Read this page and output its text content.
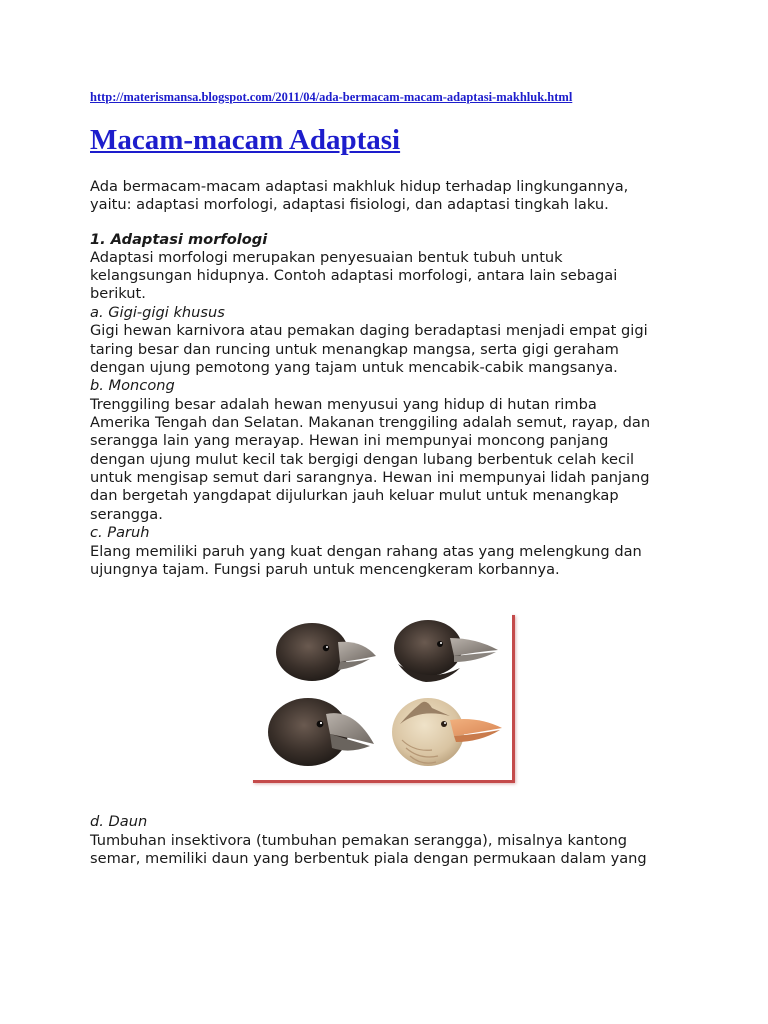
http://materismansa.blogspot.com/2011/04/ada-bermacam-macam-adaptasi-makhluk.html
Macam-macam Adaptasi

Ada bermacam-macam adaptasi makhluk hidup terhadap lingkungannya,

yaitu: adaptasi morfologi, adaptasi fisiologi, dan adaptasi tingkah laku.

1. Adaptasi morfologi

Adaptasi morfologi merupakan penyesuaian bentuk tubuh untuk

kelangsungan hidupnya. Contoh adaptasi morfologi, antara lain sebagai

berikut.

a. Gigi-gigi khusus

Gigi hewan karnivora atau pemakan daging beradaptasi menjadi empat gigi

taring besar dan runcing untuk menangkap mangsa, serta gigi geraham

dengan ujung pemotong yang tajam untuk mencabik-cabik mangsanya.

b. Moncong

Trenggiling besar adalah hewan menyusui yang hidup di hutan rimba

Amerika Tengah dan Selatan. Makanan trenggiling adalah semut, rayap, dan

serangga lain yang merayap. Hewan ini mempunyai moncong panjang

dengan ujung mulut kecil tak bergigi dengan lubang berbentuk celah kecil

untuk mengisap semut dari sarangnya. Hewan ini mempunyai lidah panjang

dan bergetah yangdapat dijulurkan jauh keluar mulut untuk menangkap

serangga.

c. Paruh

Elang memiliki paruh yang kuat dengan rahang atas yang melengkung dan

ujungnya tajam. Fungsi paruh untuk mencengkeram korbannya.

d. Daun

Tumbuhan insektivora (tumbuhan pemakan serangga), misalnya kantong

semar, memiliki daun yang berbentuk piala dengan permukaan dalam yang
